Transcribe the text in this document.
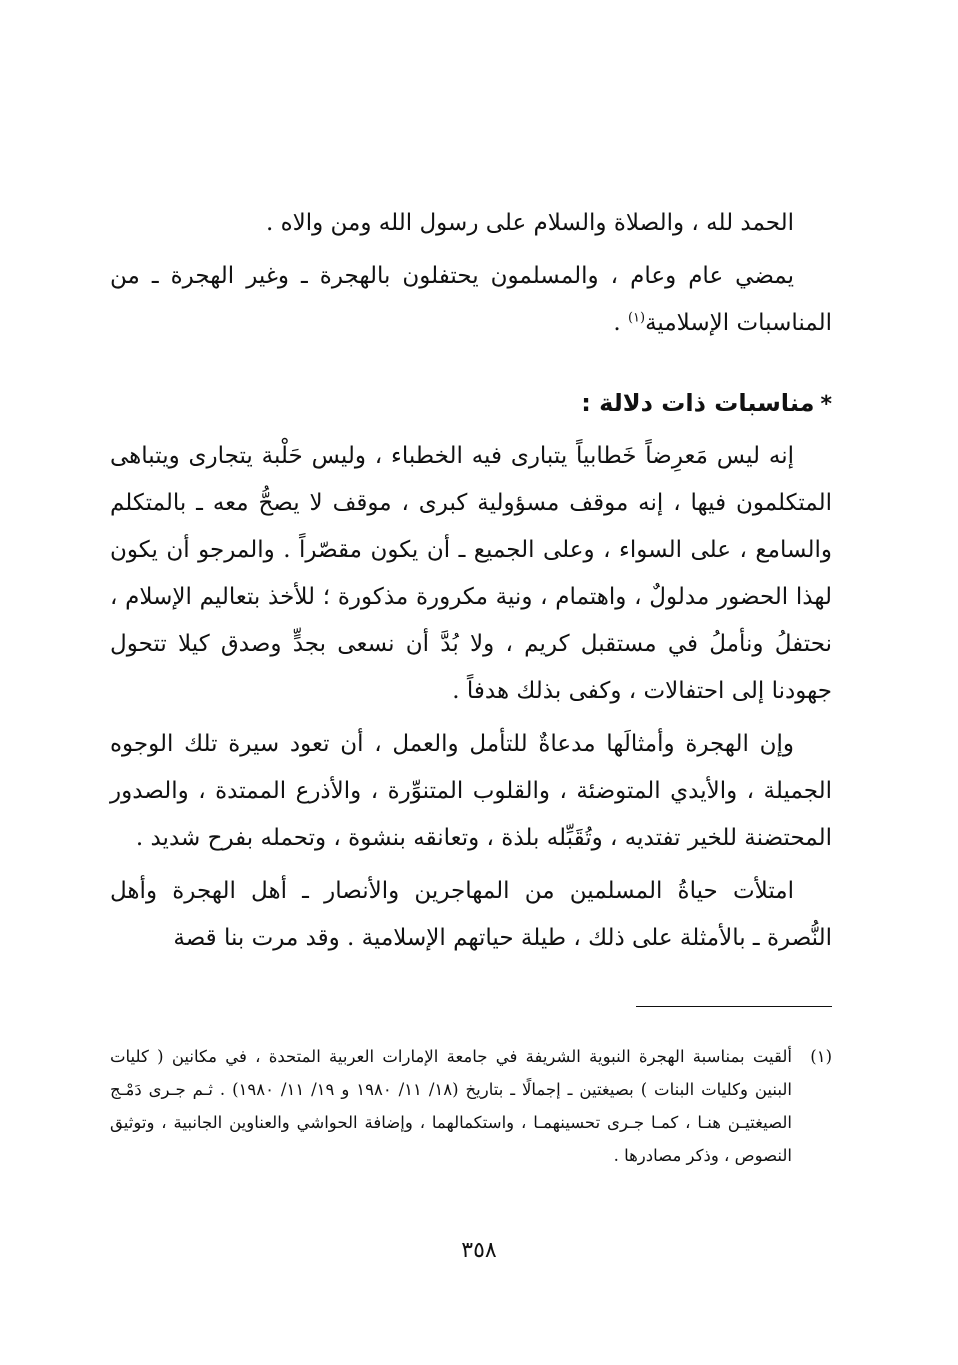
الحمد لله ، والصلاة والسلام على رسول الله ومن والاه .

يمضي عام وعام ، والمسلمون يحتفلون بالهجرة ـ وغير الهجرة ـ من المناسبات الإسلامية$^{(١)}$ .

*مناسبات ذات دلالة :

إنه ليس مَعرِضاً خَطابياً يتبارى فيه الخطباء ، وليس حَلْبة يتجارى ويتباهى المتكلمون فيها ، إنه موقف مسؤولية كبرى ، موقف لا يصحُّ معه ـ بالمتكلم والسامع ، على السواء ، وعلى الجميع ـ أن يكون مقصّراً . والمرجو أن يكون لهذا الحضور مدلولٌ ، واهتمام ، ونية مكرورة مذكورة ؛ للأخذ بتعاليم الإسلام ، نحتفلُ ونأملُ في مستقبل كريم ، ولا بُدَّ أن نسعى بجدٍّ وصدق كيلا تتحول جهودنا إلى احتفالات ، وكفى بذلك هدفاً .

وإن الهجرة وأمثالَها مدعاةٌ للتأمل والعمل ، أن تعود سيرة تلك الوجوه الجميلة ، والأيدي المتوضئة ، والقلوب المتنوِّرة ، والأذرع الممتدة ، والصدور المحتضنة للخير تفتديه ، وتُقَبِّله بلذة ، وتعانقه بنشوة ، وتحمله بفرح شديد .

امتلأت حياةُ المسلمين من المهاجرين والأنصار ـ أهل الهجرة وأهل النُّصرة ـ بالأمثلة على ذلك ، طيلة حياتهم الإسلامية . وقد مرت بنا قصة

(١)
ألقيت بمناسبة الهجرة النبوية الشريفة في جامعة الإمارات العربية المتحدة ، في مكانين ( كليات البنين وكليات البنات ) بصيغتين ـ إجمالًا ـ بتاريخ (١٨/ ١١/ ١٩٨٠ و ١٩/ ١١/ ١٩٨٠) . ثـم جـرى دَمْـج الصيغتيـن هنـا ، كمـا جـرى تحسينهمـا ، واستكمالهما ، وإضافة الحواشي والعناوين الجانبية ، وتوثيق النصوص ، وذكر مصادرها .
٣٥٨
